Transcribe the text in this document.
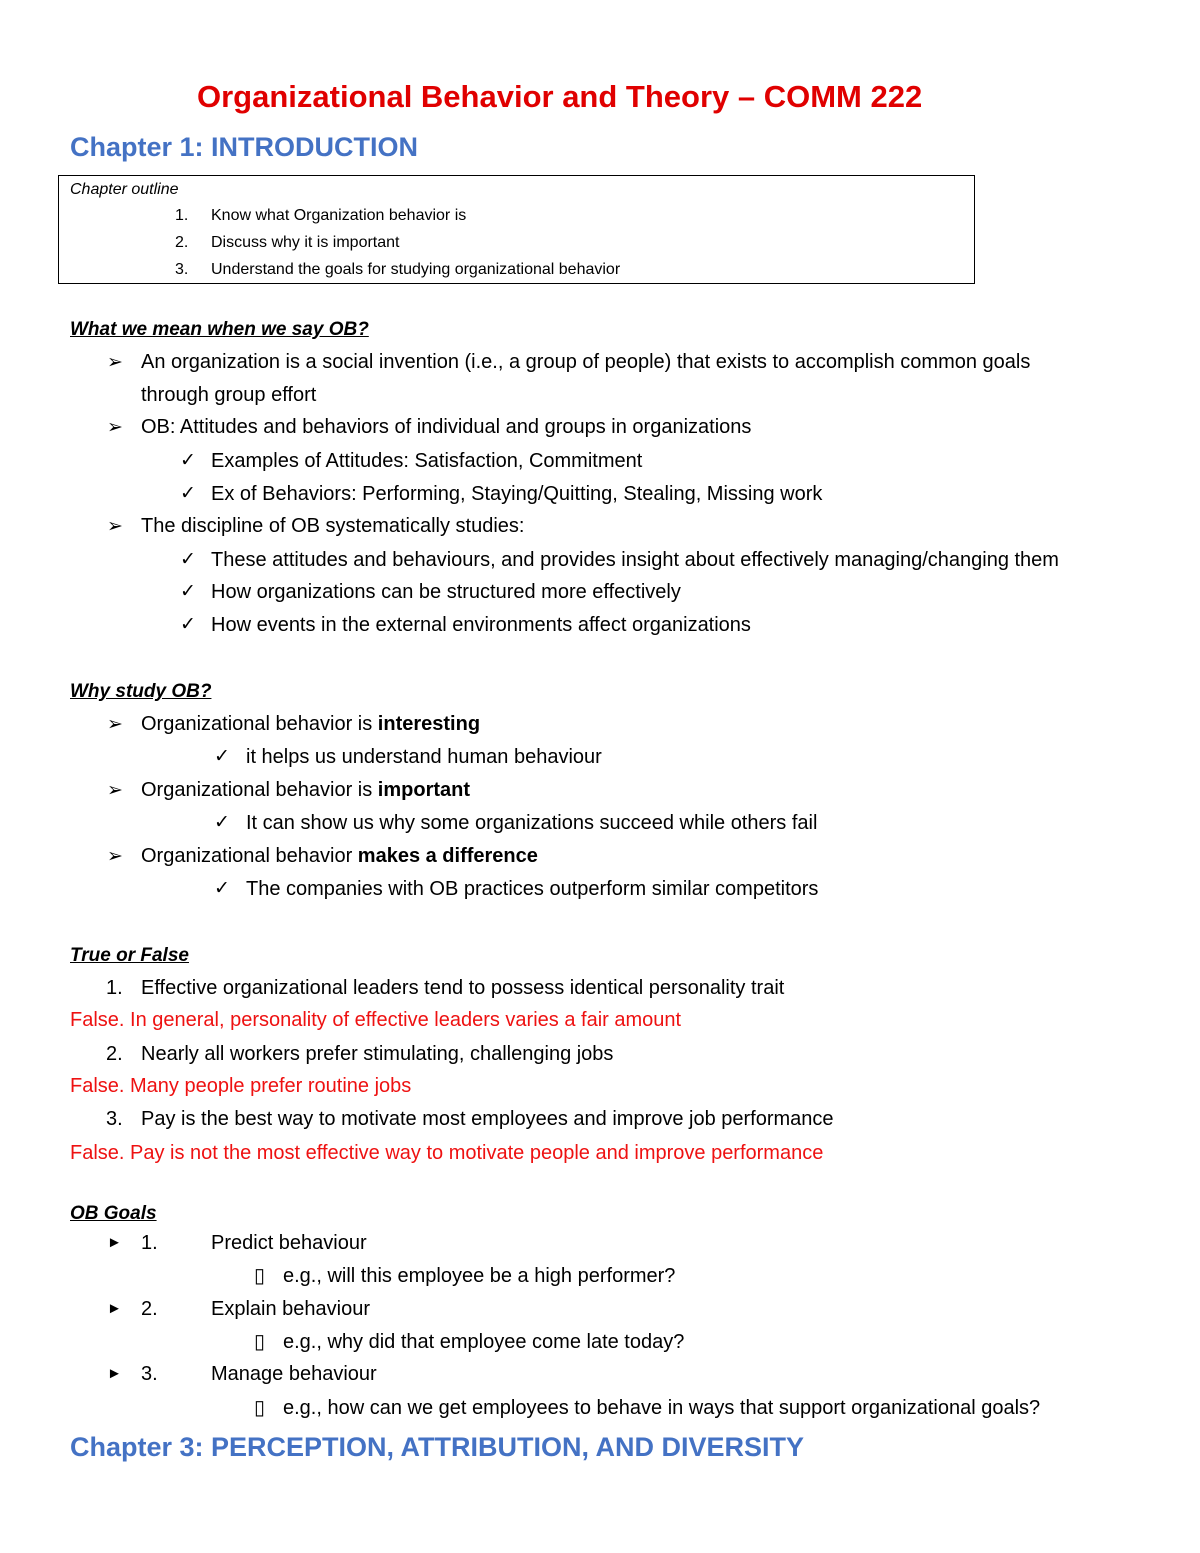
Organizational Behavior and Theory – COMM 222
Chapter 1: INTRODUCTION
Chapter outline
1. Know what Organization behavior is
2. Discuss why it is important
3. Understand the goals for studying organizational behavior
What we mean when we say OB?
➢ An organization is a social invention (i.e., a group of people) that exists to accomplish common goals
through group effort
➢ OB: Attitudes and behaviors of individual and groups in organizations
✓ Examples of Attitudes: Satisfaction, Commitment
✓ Ex of Behaviors: Performing, Staying/Quitting, Stealing, Missing work
➢ The discipline of OB systematically studies:
✓ These attitudes and behaviours, and provides insight about effectively managing/changing them
✓ How organizations can be structured more effectively
✓ How events in the external environments affect organizations
Why study OB?
➢ Organizational behavior is interesting
✓ it helps us understand human behaviour
➢ Organizational behavior is important
✓ It can show us why some organizations succeed while others fail
➢ Organizational behavior makes a difference
✓ The companies with OB practices outperform similar competitors
True or False
1. Effective organizational leaders tend to possess identical personality trait
False. In general, personality of effective leaders varies a fair amount
2. Nearly all workers prefer stimulating, challenging jobs
False. Many people prefer routine jobs
3. Pay is the best way to motivate most employees and improve job performance
False. Pay is not the most effective way to motivate people and improve performance
OB Goals
► 1.	Predict behaviour
▯ e.g., will this employee be a high performer?
► 2.	Explain behaviour
▯ e.g., why did that employee come late today?
► 3.	Manage behaviour
▯ e.g., how can we get employees to behave in ways that support organizational goals?
Chapter 3: PERCEPTION, ATTRIBUTION, AND DIVERSITY
